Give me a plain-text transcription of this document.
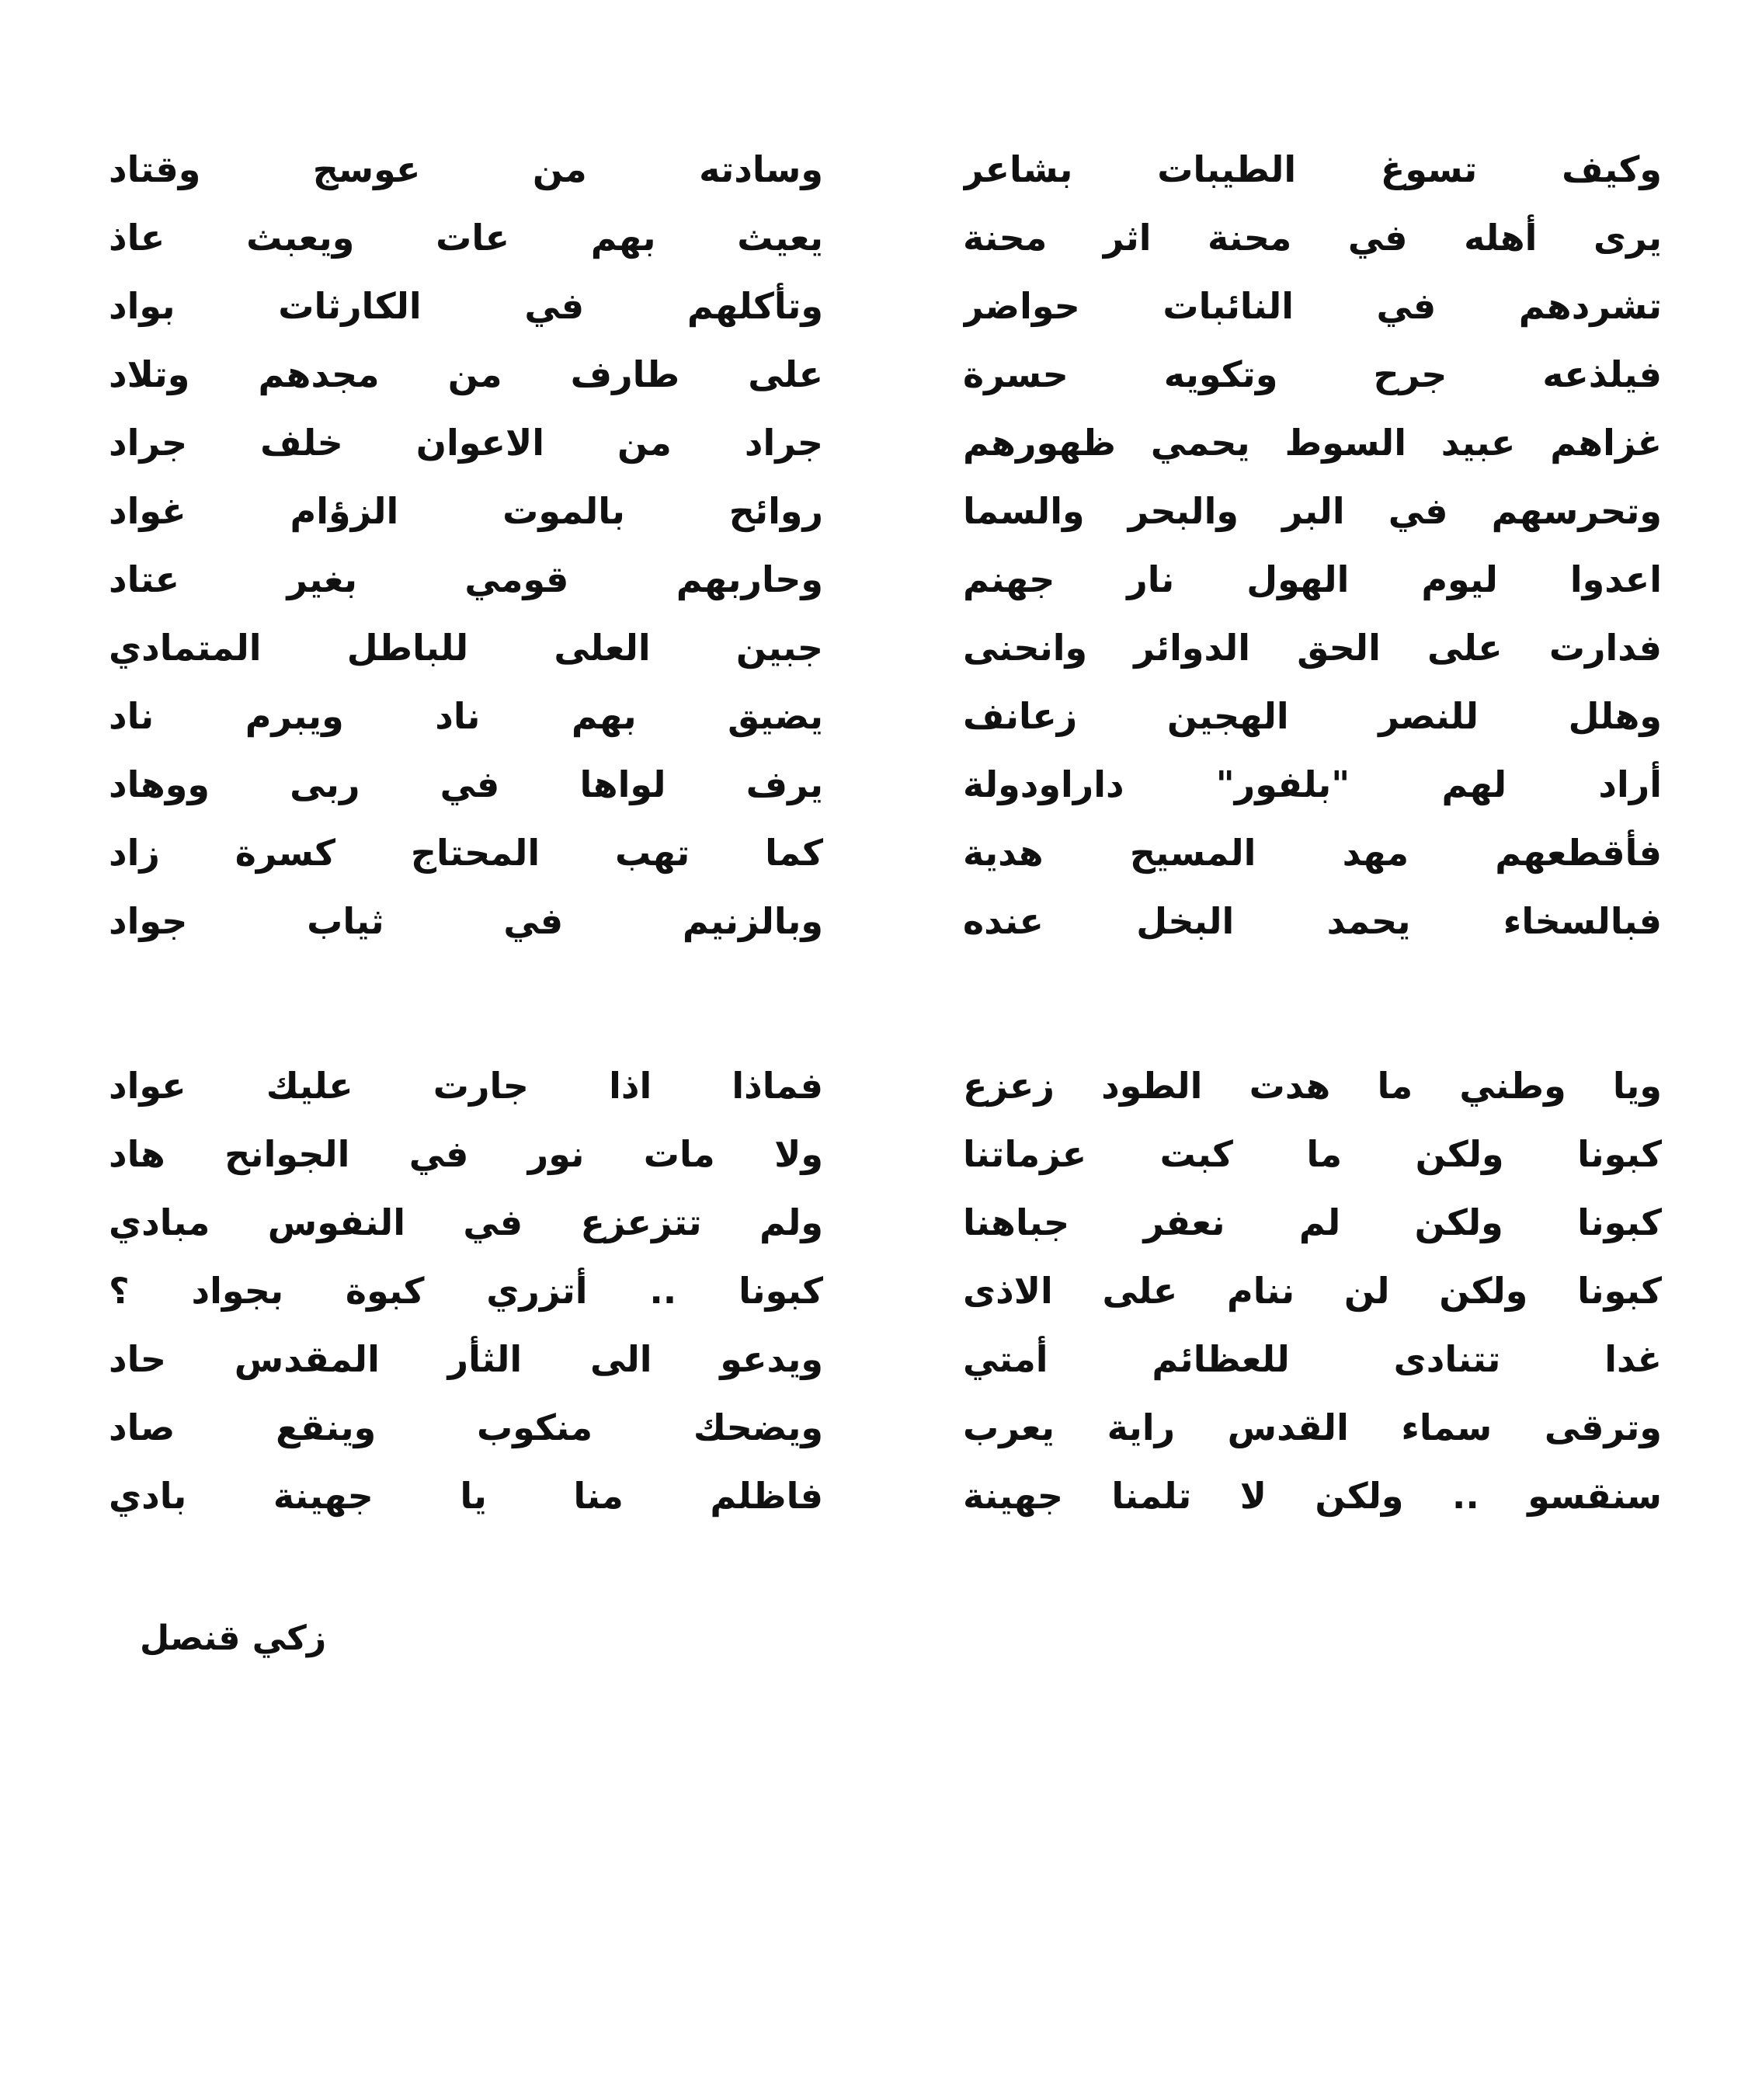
وكيف تسوغ الطيبات بشاعر
يرى أهله في محنة اثر محنة
تشردهم في النائبات حواضر
فيلذعه جرح وتكويه حسرة
غزاهم عبيد السوط يحمي ظهورهم
وتحرسهم في البر والبحر والسما
اعدوا ليوم الهول نار جهنم
فدارت على الحق الدوائر وانحنى
وهلل للنصر الهجين زعانف
أراد لهم "بلفور" داراودولة
فأقطعهم مهد المسيح هدية
فبالسخاء يحمد البخل عنده
وسادته من عوسج وقتاد
يعيث بهم عات ويعبث عاذ
وتأكلهم في الكارثات بواد
على طارف من مجدهم وتلاد
جراد من الاعوان خلف جراد
روائح بالموت الزؤام غواد
وحاربهم قومي بغير عتاد
جبين العلى للباطل المتمادي
يضيق بهم ناد ويبرم ناد
يرف لواها في ربى ووهاد
كما تهب المحتاج كسرة زاد
وبالزنيم في ثياب جواد
ويا وطني ما هدت الطود زعزع
كبونا ولكن ما كبت عزماتنا
كبونا ولكن لم نعفر جباهنا
كبونا ولكن لن ننام على الاذى
غدا تتنادى للعظائم أمتي
وترقى سماء القدس راية يعرب
سنقسو .. ولكن لا تلمنا جهينة
فماذا اذا جارت عليك عواد
ولا مات نور في الجوانح هاد
ولم تتزعزع في النفوس مبادي
كبونا .. أتزري كبوة بجواد ؟
ويدعو الى الثأر المقدس حاد
ويضحك منكوب وينقع صاد
فاظلم منا يا جهينة بادي
زكي قنصل
